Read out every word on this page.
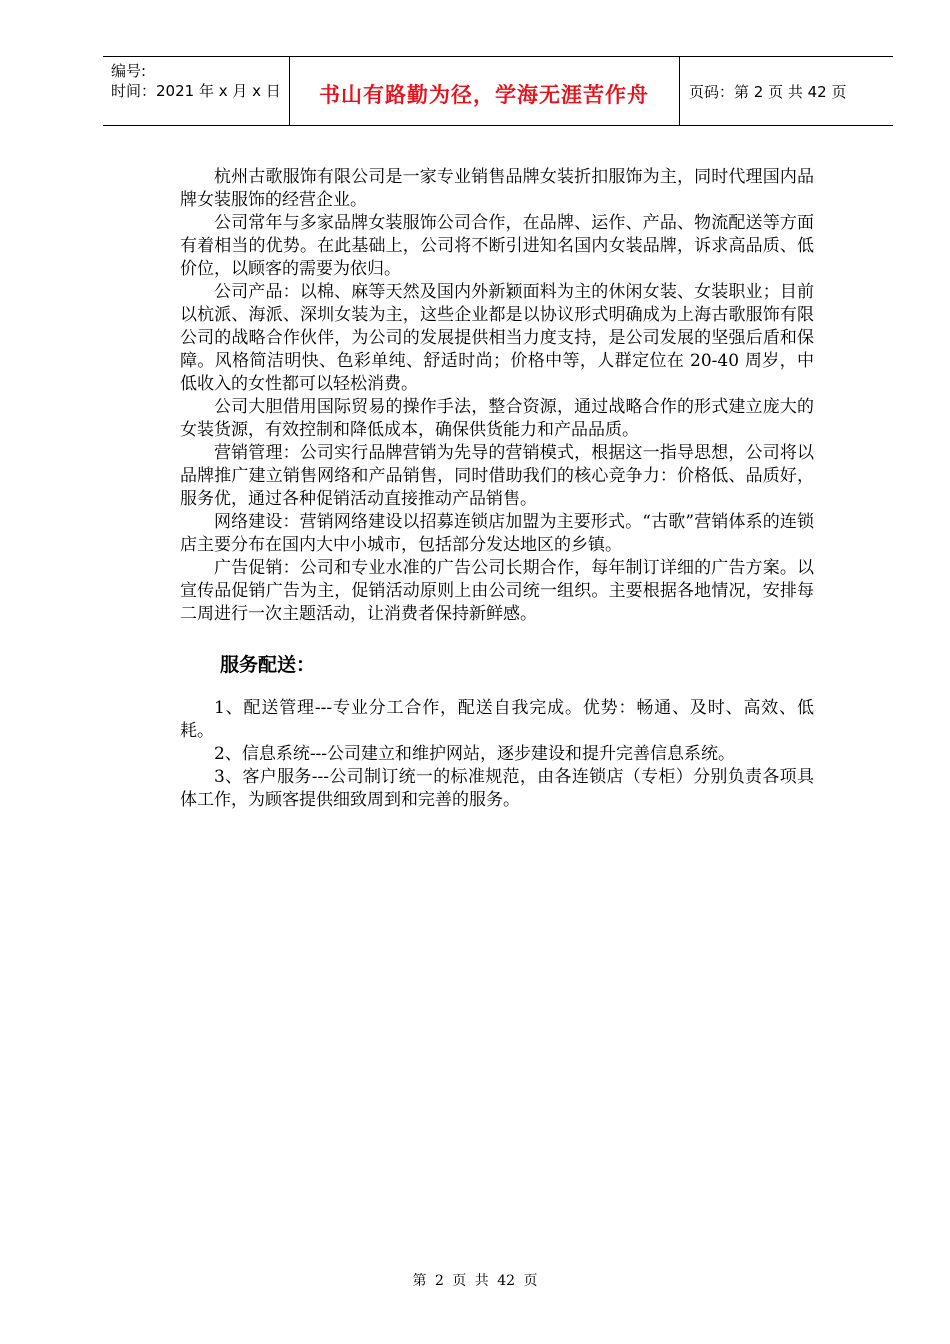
编号:
时间：2021 年 x 月 x 日	书山有路勤为径，学海无涯苦作舟	页码：第 2 页 共 42 页

杭州古歌服饰有限公司是一家专业销售品牌女装折扣服饰为主，同时代理国内品牌女装服饰的经营企业。

公司常年与多家品牌女装服饰公司合作，在品牌、运作、产品、物流配送等方面有着相当的优势。在此基础上，公司将不断引进知名国内女装品牌，诉求高品质、低价位，以顾客的需要为依归。

公司产品：以棉、麻等天然及国内外新颖面料为主的休闲女装、女装职业；目前以杭派、海派、深圳女装为主，这些企业都是以协议形式明确成为上海古歌服饰有限公司的战略合作伙伴，为公司的发展提供相当力度支持，是公司发展的坚强后盾和保障。风格简洁明快、色彩单纯、舒适时尚；价格中等，人群定位在 20-40 周岁，中低收入的女性都可以轻松消费。

公司大胆借用国际贸易的操作手法，整合资源，通过战略合作的形式建立庞大的女装货源，有效控制和降低成本，确保供货能力和产品品质。

营销管理：公司实行品牌营销为先导的营销模式，根据这一指导思想，公司将以品牌推广建立销售网络和产品销售，同时借助我们的核心竞争力：价格低、品质好，服务优，通过各种促销活动直接推动产品销售。

网络建设：营销网络建设以招募连锁店加盟为主要形式。“古歌”营销体系的连锁店主要分布在国内大中小城市，包括部分发达地区的乡镇。

广告促销：公司和专业水准的广告公司长期合作，每年制订详细的广告方案。以宣传品促销广告为主，促销活动原则上由公司统一组织。主要根据各地情况，安排每二周进行一次主题活动，让消费者保持新鲜感。

服务配送：

1、配送管理---专业分工合作，配送自我完成。优势：畅通、及时、高效、低耗。

2、信息系统---公司建立和维护网站，逐步建设和提升完善信息系统。

3、客户服务---公司制订统一的标准规范，由各连锁店（专柜）分别负责各项具体工作，为顾客提供细致周到和完善的服务。

第 2 页 共 42 页
